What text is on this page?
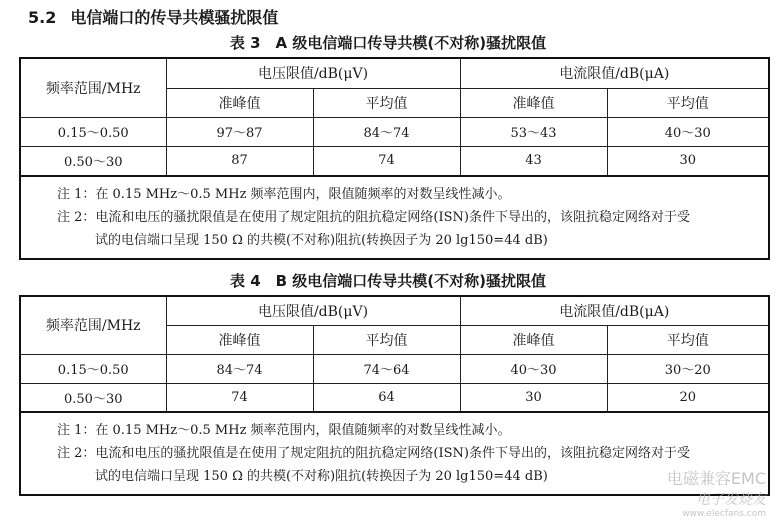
5.2 电信端口的传导共模骚扰限值
表 3　A 级电信端口传导共模(不对称)骚扰限值
频率范围/MHz	电压限值/dB(μV)		电流限值/dB(μA)	
	准峰值	平均值	准峰值	平均值
0.15～0.50	97～87	84～74	53～43	40～30
0.50～30	87	74	43	30

注 1：在 0.15 MHz～0.5 MHz 频率范围内，限值随频率的对数呈线性减小。
注 2：电流和电压的骚扰限值是在使用了规定阻抗的阻抗稳定网络(ISN)条件下导出的，该阻抗稳定网络对于受
试的电信端口呈现 150 Ω 的共模(不对称)阻抗(转换因子为 20 lg150=44 dB)				
表 4　B 级电信端口传导共模(不对称)骚扰限值
频率范围/MHz	电压限值/dB(μV)		电流限值/dB(μA)	
	准峰值	平均值	准峰值	平均值
0.15～0.50	84～74	74～64	40～30	30～20
0.50～30	74	64	30	20

注 1：在 0.15 MHz～0.5 MHz 频率范围内，限值随频率的对数呈线性减小。
注 2：电流和电压的骚扰限值是在使用了规定阻抗的阻抗稳定网络(ISN)条件下导出的，该阻抗稳定网络对于受
试的电信端口呈现 150 Ω 的共模(不对称)阻抗(转换因子为 20 lg150=44 dB)					电磁兼容EMC
电子发烧友
www.elecfans.com
